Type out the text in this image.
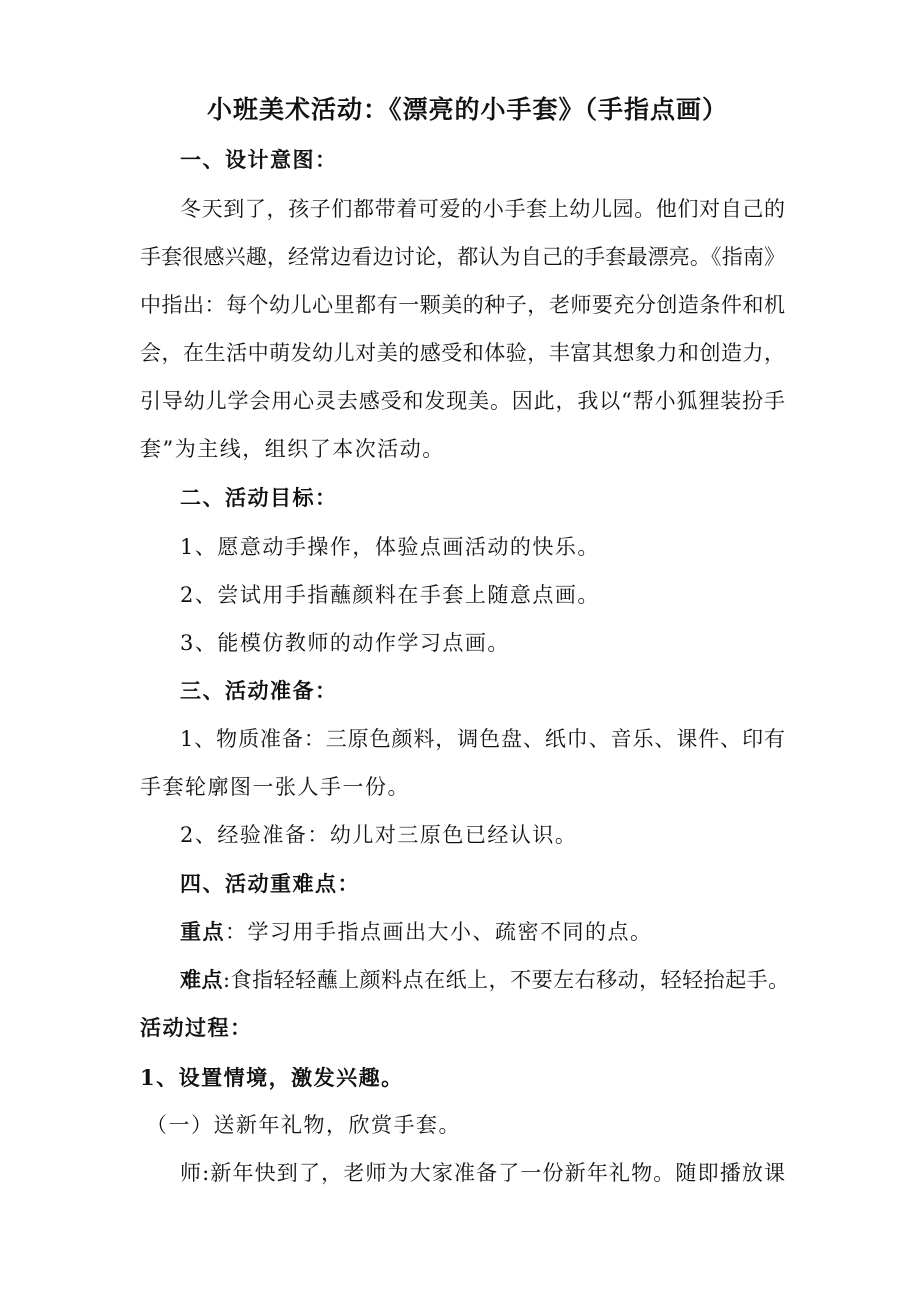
小班美术活动：《漂亮的小手套》（手指点画）
一、设计意图：
冬天到了，孩子们都带着可爱的小手套上幼儿园。他们对自己的
手套很感兴趣，经常边看边讨论，都认为自己的手套最漂亮。《指南》
中指出：每个幼儿心里都有一颗美的种子，老师要充分创造条件和机
会，在生活中萌发幼儿对美的感受和体验，丰富其想象力和创造力，
引导幼儿学会用心灵去感受和发现美。因此，我以“帮小狐狸装扮手
套”为主线，组织了本次活动。
二、活动目标：
1、愿意动手操作，体验点画活动的快乐。
2、尝试用手指蘸颜料在手套上随意点画。
3、能模仿教师的动作学习点画。
三、活动准备：
1、物质准备：三原色颜料，调色盘、纸巾、音乐、课件、印有
手套轮廓图一张人手一份。
2、经验准备：幼儿对三原色已经认识。
四、活动重难点：
重点：学习用手指点画出大小、疏密不同的点。
难点:食指轻轻蘸上颜料点在纸上，不要左右移动，轻轻抬起手。
活动过程：
1、设置情境，激发兴趣。
（一）送新年礼物，欣赏手套。
师:新年快到了，老师为大家准备了一份新年礼物。随即播放课
